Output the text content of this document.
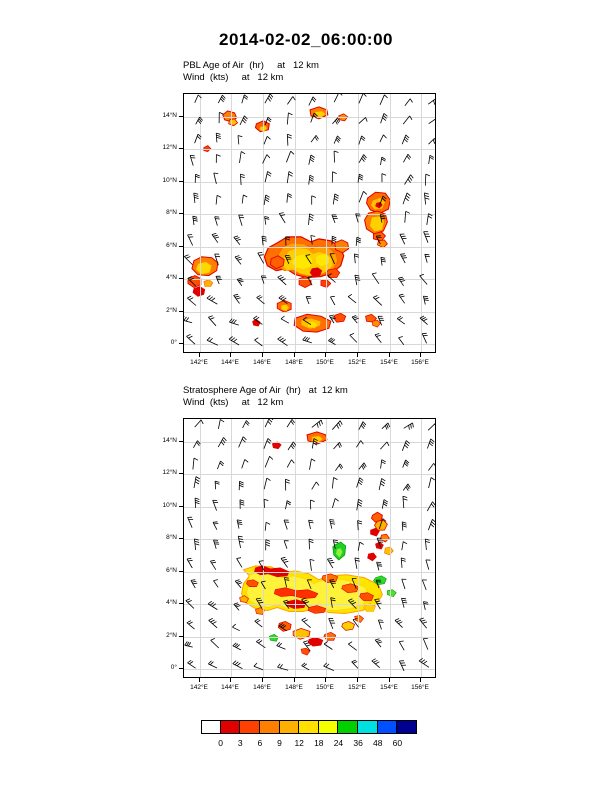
2014-02-02_06:00:00
PBL Age of Air  (hr)     at   12 km
Wind  (kts)     at   12 km
142°E	144°E	146°E	148°E	150°E	152°E	154°E	156°E
0°
2°N
4°N
6°N
8°N
10°N
12°N
14°N
Stratosphere Age of Air  (hr)   at  12 km
Wind  (kts)     at   12 km
142°E	144°E	146°E	148°E	150°E	152°E	154°E	156°E
0°
2°N
4°N
6°N
8°N
10°N
12°N
14°N
0	3	6	9	12	18	24	36	48	60
